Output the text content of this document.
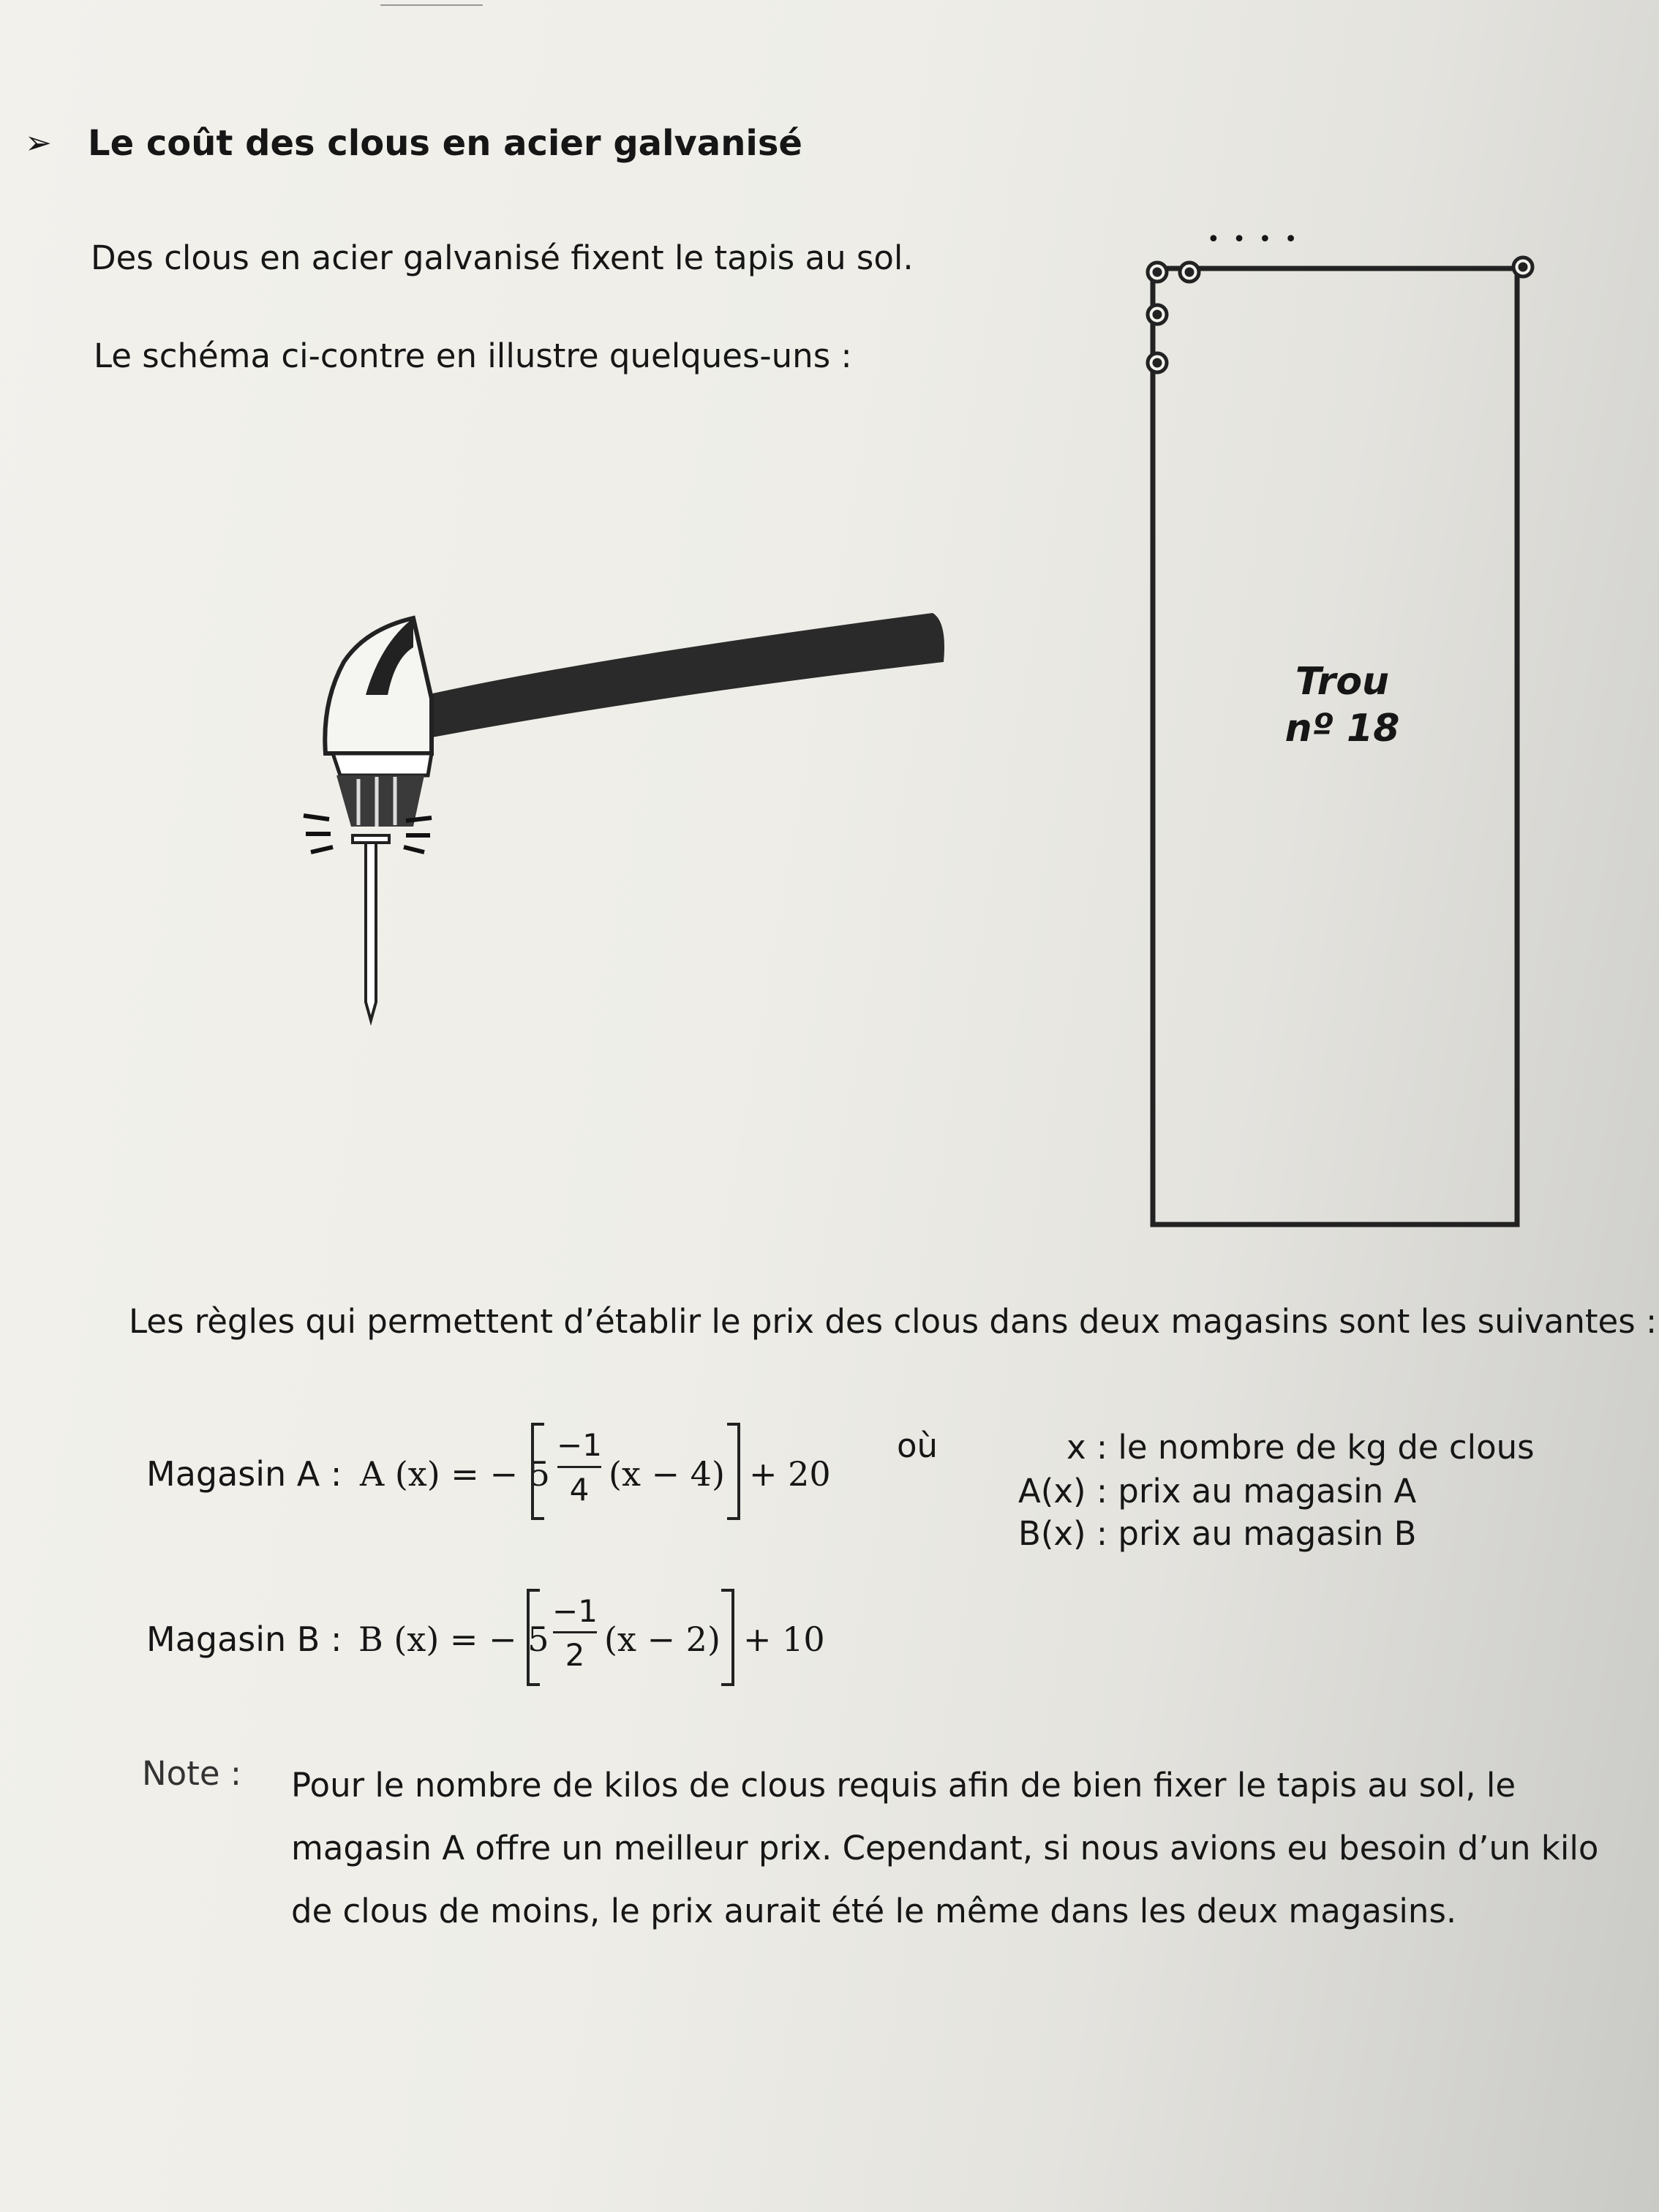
➢ Le coût des clous en acier galvanisé
Des clous en acier galvanisé fixent le tapis au sol.
Le schéma ci-contre en illustre quelques-uns :
• • • •
Trou
nº 18
Les règles qui permettent d’établir le prix des clous dans deux magasins sont les suivantes :
Magasin A : A (x) = − 5
−1
4 (x − 4) + 20
où	x : le nombre de kg de clous
A(x) : prix au magasin A
B(x) : prix au magasin B
Magasin B : B (x) = − 5
−1
2 (x − 2) + 10
Note : Pour le nombre de kilos de clous requis afin de bien fixer le tapis au sol, le magasin A offre un meilleur prix. Cependant, si nous avions eu besoin d’un kilo de clous de moins, le prix aurait été le même dans les deux magasins.
